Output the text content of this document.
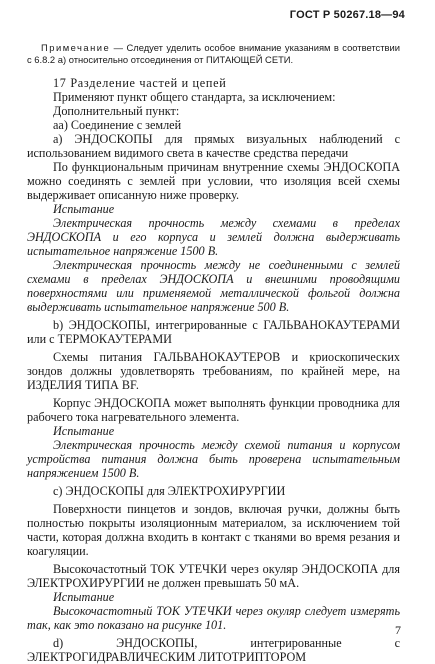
ГОСТ Р 50267.18—94
Примечание — Следует уделить особое внимание указаниям в соответствии с 6.8.2 а) относительно отсоединения от ПИТАЮЩЕЙ СЕТИ.

17 Разделение частей и цепей

Применяют пункт общего стандарта, за исключением:

Дополнительный пункт:

аа) Соединение с землей

а) ЭНДОСКОПЫ для прямых визуальных наблюдений с использованием видимого света в качестве средства передачи

По функциональным причинам внутренние схемы ЭНДОСКОПА можно соединять с землей при условии, что изоляция всей схемы выдерживает описанную ниже проверку.

Испытание

Электрическая прочность между схемами в пределах ЭНДОСКОПА и его корпуса и землей должна выдерживать испытательное напряжение 1500 В.

Электрическая прочность между не соединенными с землей схемами в пределах ЭНДОСКОПА и внешними проводящими поверхностями или применяемой металлической фольгой должна выдерживать испытательное напряжение 500 В.

b) ЭНДОСКОПЫ, интегрированные с ГАЛЬВАНОКАУТЕРАМИ или с ТЕРМОКАУТЕРАМИ

Схемы питания ГАЛЬВАНОКАУТЕРОВ и криоскопических зондов должны удовлетворять требованиям, по крайней мере, на ИЗДЕЛИЯ ТИПА BF.

Корпус ЭНДОСКОПА может выполнять функции проводника для рабочего тока нагревательного элемента.

Испытание

Электрическая прочность между схемой питания и корпусом устройства питания должна быть проверена испытательным напряжением 1500 В.

с) ЭНДОСКОПЫ для ЭЛЕКТРОХИРУРГИИ

Поверхности пинцетов и зондов, включая ручки, должны быть полностью покрыты изоляционным материалом, за исключением той части, которая должна входить в контакт с тканями во время резания и коагуляции.

Высокочастотный ТОК УТЕЧКИ через окуляр ЭНДОСКОПА для ЭЛЕКТРОХИРУРГИИ не должен превышать 50 мА.

Испытание

Высокочастотный ТОК УТЕЧКИ через окуляр следует измерять так, как это показано на рисунке 101.

d) ЭНДОСКОПЫ, интегрированные с ЭЛЕКТРОГИДРАВЛИЧЕСКИМ ЛИТОТРИПТОРОМ

7
